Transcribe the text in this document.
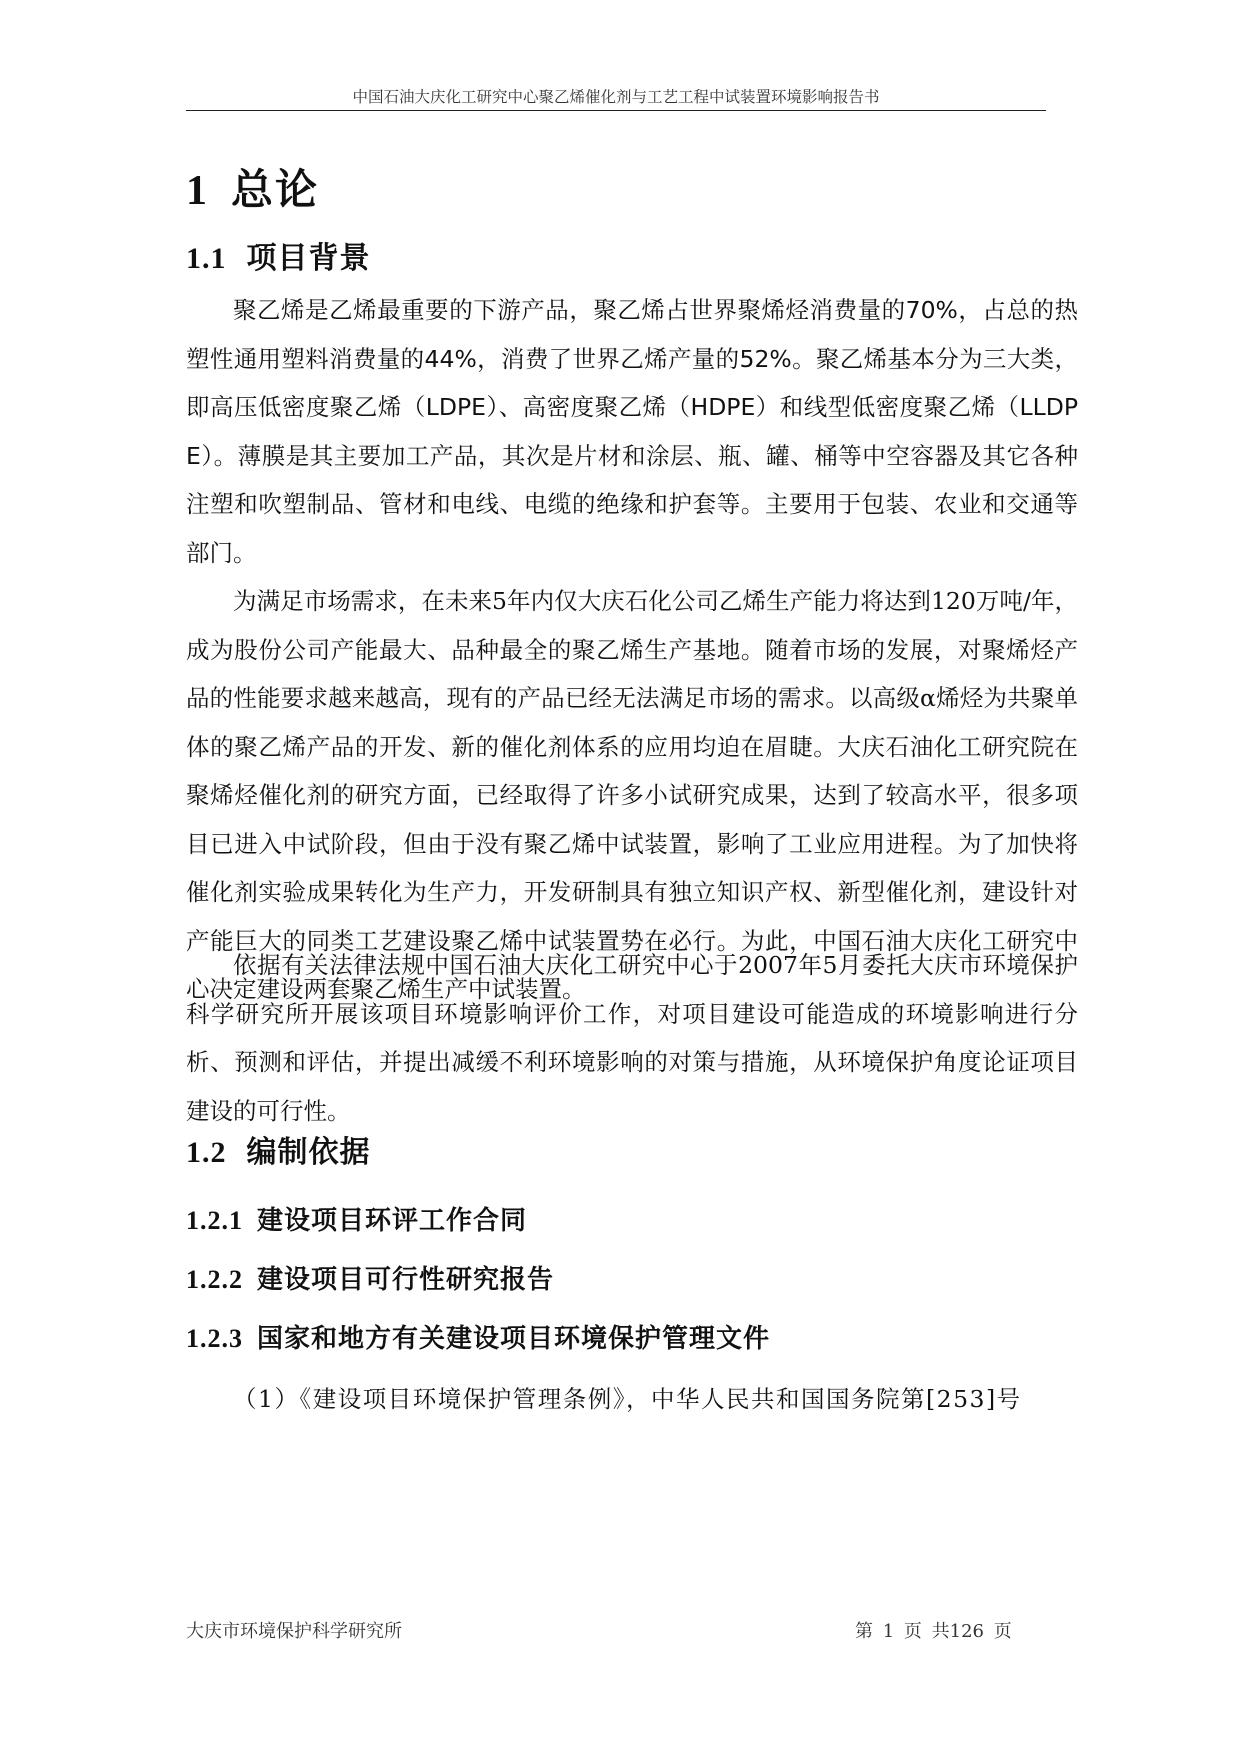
中国石油大庆化工研究中心聚乙烯催化剂与工艺工程中试装置环境影响报告书
1 总论
1.1 项目背景

聚乙烯是乙烯最重要的下游产品，聚乙烯占世界聚烯烃消费量的70%，占总的热塑性通用塑料消费量的44%，消费了世界乙烯产量的52%。聚乙烯基本分为三大类，即高压低密度聚乙烯（LDPE）、高密度聚乙烯（HDPE）和线型低密度聚乙烯（LLDPE）。薄膜是其主要加工产品，其次是片材和涂层、瓶、罐、桶等中空容器及其它各种注塑和吹塑制品、管材和电线、电缆的绝缘和护套等。主要用于包装、农业和交通等部门。

为满足市场需求，在未来5年内仅大庆石化公司乙烯生产能力将达到120万吨/年，成为股份公司产能最大、品种最全的聚乙烯生产基地。随着市场的发展，对聚烯烃产品的性能要求越来越高，现有的产品已经无法满足市场的需求。以高级α烯烃为共聚单体的聚乙烯产品的开发、新的催化剂体系的应用均迫在眉睫。大庆石油化工研究院在聚烯烃催化剂的研究方面，已经取得了许多小试研究成果，达到了较高水平，很多项目已进入中试阶段，但由于没有聚乙烯中试装置，影响了工业应用进程。为了加快将催化剂实验成果转化为生产力，开发研制具有独立知识产权、新型催化剂，建设针对产能巨大的同类工艺建设聚乙烯中试装置势在必行。为此，中国石油大庆化工研究中心决定建设两套聚乙烯生产中试装置。

依据有关法律法规中国石油大庆化工研究中心于2007年5月委托大庆市环境保护科学研究所开展该项目环境影响评价工作，对项目建设可能造成的环境影响进行分析、预测和评估，并提出减缓不利环境影响的对策与措施，从环境保护角度论证项目建设的可行性。

1.2 编制依据
1.2.1 建设项目环评工作合同
1.2.2 建设项目可行性研究报告
1.2.3 国家和地方有关建设项目环境保护管理文件
（1）《建设项目环境保护管理条例》，中华人民共和国国务院第[253]号
大庆市环境保护科学研究所	第 1 页 共126 页
